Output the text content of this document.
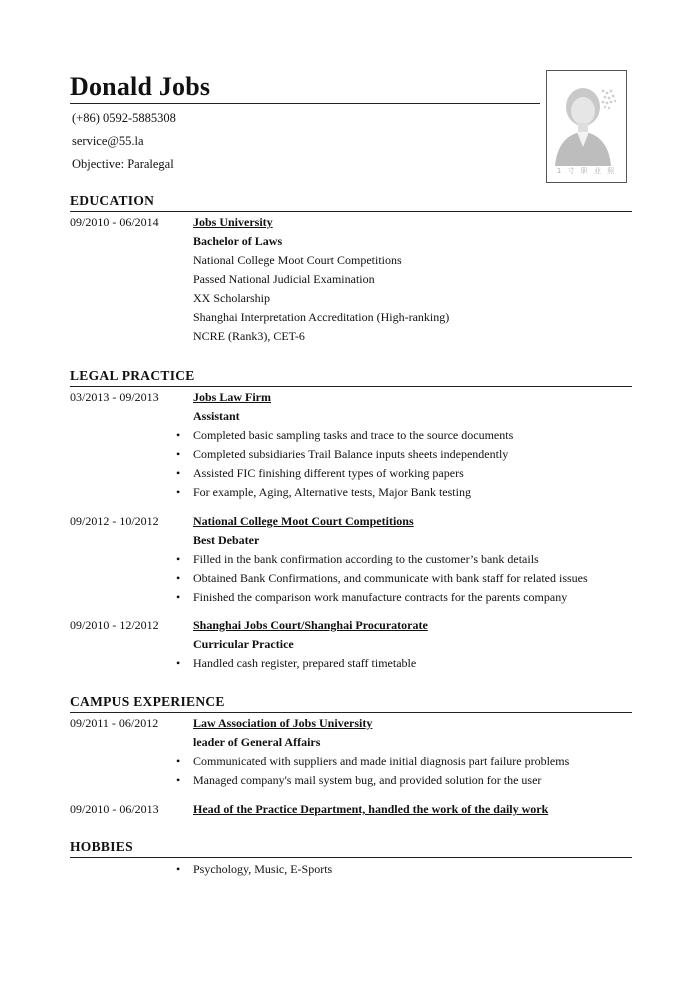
Donald Jobs
(+86) 0592-5885308
service@55.la
Objective: Paralegal	1 寸 职 业 照
EDUCATION
09/2010 - 06/2014	Jobs University
Bachelor of Laws
National College Moot Court Competitions
Passed National Judicial Examination
XX Scholarship
Shanghai Interpretation Accreditation (High-ranking)
NCRE (Rank3), CET-6
LEGAL PRACTICE
03/2013 - 09/2013	Jobs Law Firm
Assistant
• Completed basic sampling tasks and trace to the source documents
• Completed subsidiaries Trail Balance inputs sheets independently
• Assisted FIC finishing different types of working papers
• For example, Aging, Alternative tests, Major Bank testing
09/2012 - 10/2012	National College Moot Court Competitions
Best Debater
• Filled in the bank confirmation according to the customer’s bank details
• Obtained Bank Confirmations, and communicate with bank staff for related issues
• Finished the comparison work manufacture contracts for the parents company
09/2010 - 12/2012	Shanghai Jobs Court/Shanghai Procuratorate
Curricular Practice
• Handled cash register, prepared staff timetable
CAMPUS EXPERIENCE
09/2011 - 06/2012	Law Association of Jobs University
leader of General Affairs
• Communicated with suppliers and made initial diagnosis part failure problems
• Managed company's mail system bug, and provided solution for the user
09/2010 - 06/2013	Head of the Practice Department, handled the work of the daily work
HOBBIES
• Psychology, Music, E-Sports
